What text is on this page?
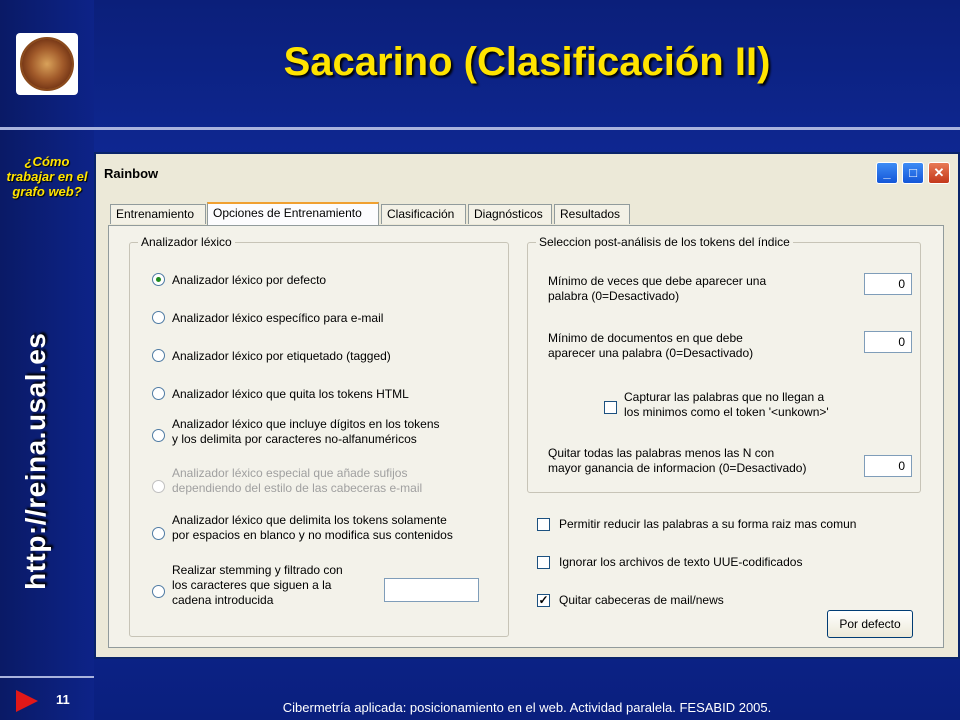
¿Cómo trabajar en el grafo web?
http://reina.usal.es
11
Sacarino (Clasificación II)
Cibermetría aplicada: posicionamiento en el web. Actividad paralela. FESABID 2005.
Rainbow	_	□	✕
Entrenamiento	Opciones de Entrenamiento	Clasificación	Diagnósticos	Resultados
Analizador léxico
Analizador léxico por defecto
Analizador léxico específico para e-mail
Analizador léxico por etiquetado (tagged)
Analizador léxico que quita los tokens HTML
Analizador léxico que incluye dígitos en los tokens
y los delimita por caracteres no-alfanuméricos
Analizador léxico especial que añade sufijos
dependiendo del estilo de las cabeceras e-mail
Analizador léxico que delimita los tokens solamente
por espacios en blanco y no modifica sus contenidos
Realizar stemming y filtrado con
los caracteres que siguen a la
cadena introducida
Seleccion post-análisis de los tokens del índice
Mínimo de veces que debe aparecer una
palabra (0=Desactivado)
0
Mínimo de documentos en que debe
aparecer una palabra (0=Desactivado)
0
Capturar las palabras que no llegan a
los minimos como el token '<unkown>'
Quitar todas las palabras menos las N con
mayor ganancia de informacion (0=Desactivado)	0
Permitir reducir las palabras a su forma raiz mas comun
Ignorar los archivos de texto UUE-codificados
✓ Quitar cabeceras de mail/news
Por defecto
